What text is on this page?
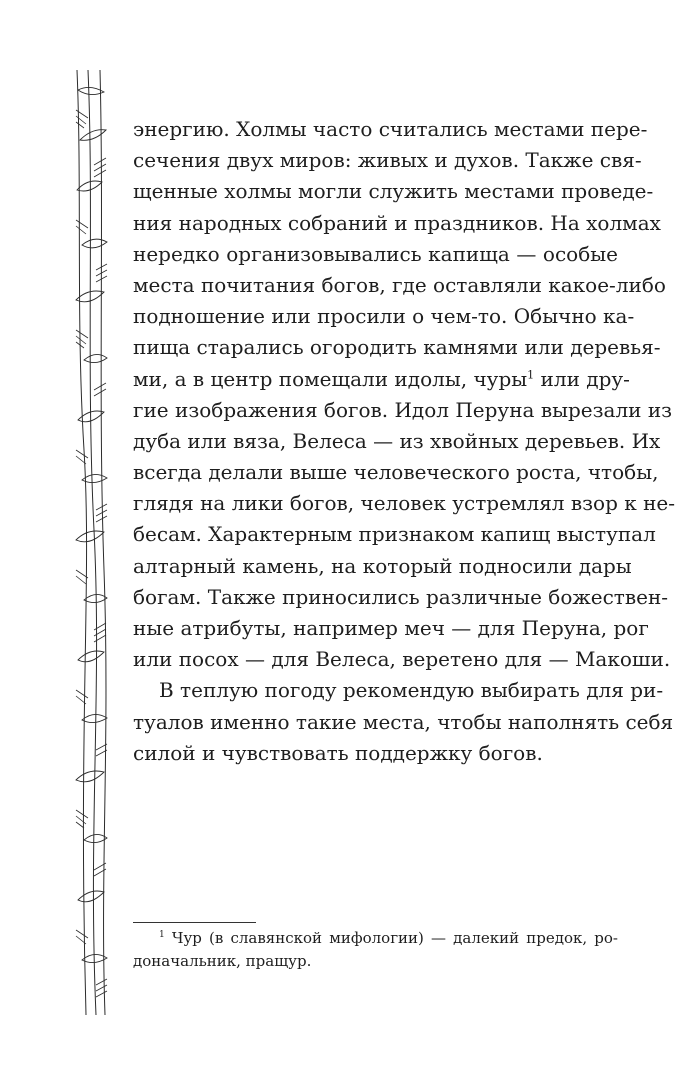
энергию. Холмы часто считались местами пере-
сечения двух миров: живых и духов. Также свя-
щенные холмы могли служить местами проведе-
ния народных собраний и праздников. На холмах
нередко организовывались капища — особые
места почитания богов, где оставляли какое-либо
подношение или просили о чем-то. Обычно ка-
пища старались огородить камнями или деревья-
ми, а в центр помещали идолы, чуры$^1$ или дру-
гие изображения богов. Идол Перуна вырезали из
дуба или вяза, Велеса — из хвойных деревьев. Их
всегда делали выше человеческого роста, чтобы,
глядя на лики богов, человек устремлял взор к не-
бесам. Характерным признаком капищ выступал
алтарный камень, на который подносили дары
богам. Также приносились различные божествен-
ные атрибуты, например меч — для Перуна, рог
или посох — для Велеса, веретено для — Макоши.
В теплую погоду рекомендую выбирать для ри-
туалов именно такие места, чтобы наполнять себя
силой и чувствовать поддержку богов.
$^1$ Чур (в славянской мифологии) — далекий предок, ро-
доначальник, пращур.
